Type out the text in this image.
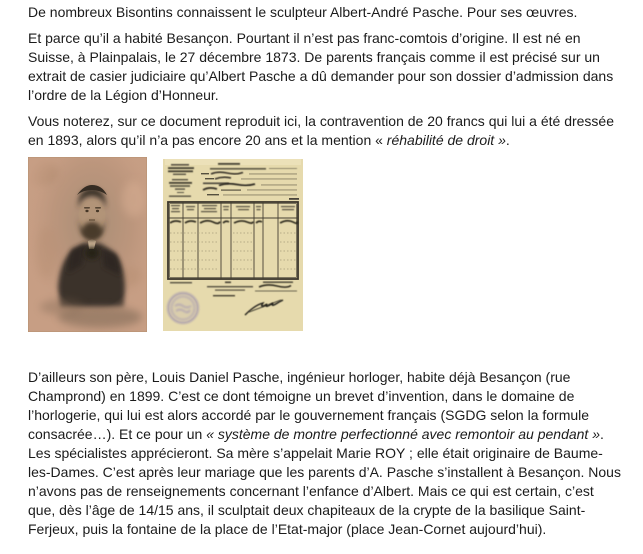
De nombreux Bisontins connaissent le sculpteur Albert-André Pasche. Pour ses œuvres.

Et parce qu’il a habité Besançon. Pourtant il n’est pas franc-comtois d’origine. Il est né en Suisse, à Plainpalais, le 27 décembre 1873. De parents français comme il est précisé sur un extrait de casier judiciaire qu’Albert Pasche a dû demander pour son dossier d’admission dans l’ordre de la Légion d’Honneur.

Vous noterez, sur ce document reproduit ici, la contravention de 20 francs qui lui a été dressée en 1893, alors qu’il n’a pas encore 20 ans et la mention « réhabilité de droit ».

D’ailleurs son père, Louis Daniel Pasche, ingénieur horloger, habite déjà Besançon (rue Champrond) en 1899. C’est ce dont témoigne un brevet d’invention, dans le domaine de l’horlogerie, qui lui est alors accordé par le gouvernement français (SGDG selon la formule consacrée…). Et ce pour un « système de montre perfectionné avec remontoir au pendant ». Les spécialistes apprécieront. Sa mère s’appelait Marie ROY ; elle était originaire de Baume-les-Dames. C’est après leur mariage que les parents d’A. Pasche s’installent à Besançon. Nous n’avons pas de renseignements concernant l’enfance d’Albert. Mais ce qui est certain, c’est que, dès l’âge de 14/15 ans, il sculptait deux chapiteaux de la crypte de la basilique Saint-Ferjeux, puis la fontaine de la place de l’Etat-major (place Jean-Cornet aujourd’hui).
